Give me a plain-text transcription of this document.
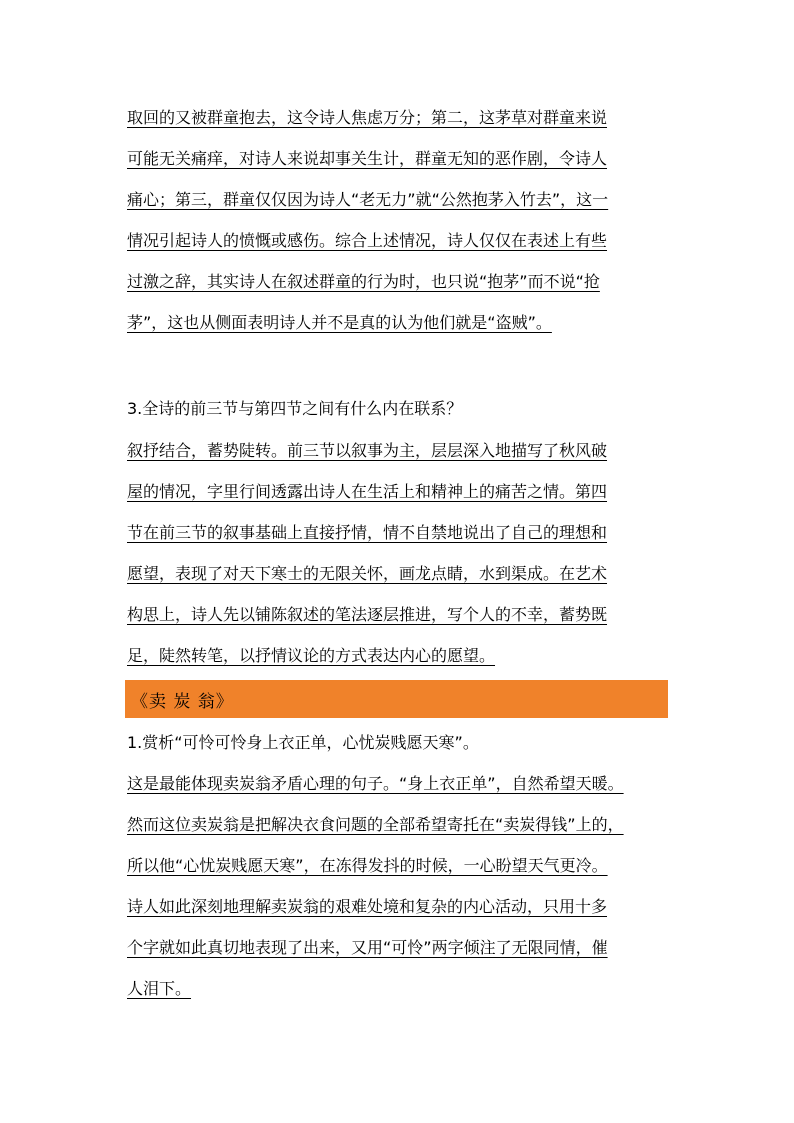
取回的又被群童抱去，这令诗人焦虑万分；第二，这茅草对群童来说
可能无关痛痒，对诗人来说却事关生计，群童无知的恶作剧，令诗人
痛心；第三，群童仅仅因为诗人“老无力”就“公然抱茅入竹去”，这一
情况引起诗人的愤慨或感伤。综合上述情况，诗人仅仅在表述上有些
过激之辞，其实诗人在叙述群童的行为时，也只说“抱茅”而不说“抢
茅”，这也从侧面表明诗人并不是真的认为他们就是“盗贼”。
3.全诗的前三节与第四节之间有什么内在联系？
叙抒结合，蓄势陡转。前三节以叙事为主，层层深入地描写了秋风破
屋的情况，字里行间透露出诗人在生活上和精神上的痛苦之情。第四
节在前三节的叙事基础上直接抒情，情不自禁地说出了自己的理想和
愿望，表现了对天下寒士的无限关怀，画龙点睛，水到渠成。在艺术
构思上，诗人先以铺陈叙述的笔法逐层推进，写个人的不幸，蓄势既
足，陡然转笔，以抒情议论的方式表达内心的愿望。
《卖 炭 翁》
1.赏析“可怜可怜身上衣正单，心忧炭贱愿天寒”。
这是最能体现卖炭翁矛盾心理的句子。“身上衣正单”，自然希望天暖。
然而这位卖炭翁是把解决衣食问题的全部希望寄托在“卖炭得钱”上的，
所以他“心忧炭贱愿天寒”，在冻得发抖的时候，一心盼望天气更冷。
诗人如此深刻地理解卖炭翁的艰难处境和复杂的内心活动，只用十多
个字就如此真切地表现了出来，又用“可怜”两字倾注了无限同情，催
人泪下。
